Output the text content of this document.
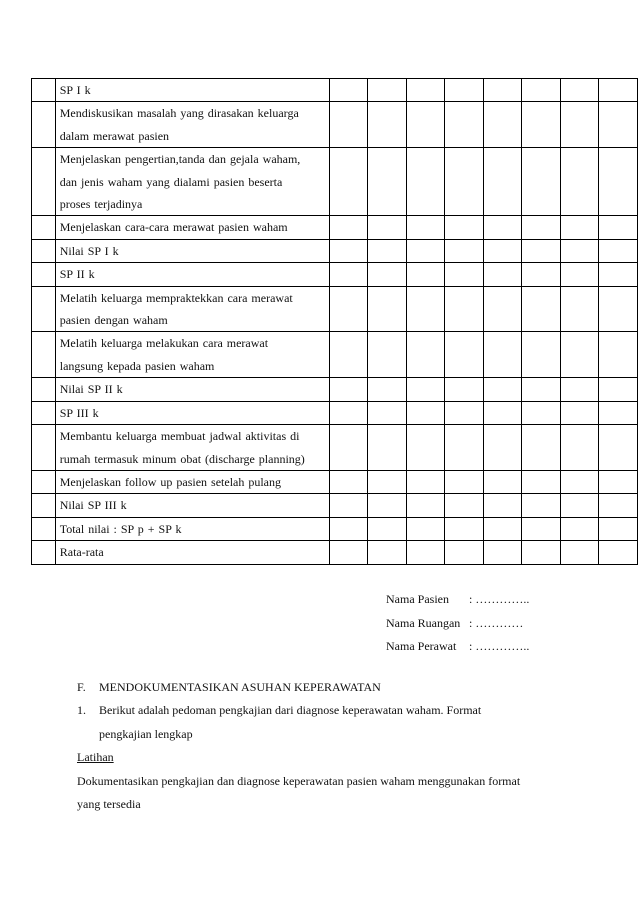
	SP I k								

	Mendiskusikan masalah yang dirasakan keluarga
dalam merawat pasien								

	Menjelaskan pengertian,tanda dan gejala waham,
dan jenis waham yang dialami pasien beserta
proses terjadinya								

	Menjelaskan cara-cara merawat pasien waham								

	Nilai SP I k								

	SP II k								

	Melatih keluarga mempraktekkan cara merawat
pasien dengan waham								

	Melatih keluarga melakukan cara merawat
langsung kepada pasien waham								

	Nilai SP II k								

	SP III k								

	Membantu keluarga membuat jadwal aktivitas di
rumah termasuk minum obat (discharge planning)								

	Menjelaskan follow up pasien setelah pulang								

	Nilai SP III k								

	Total nilai : SP p + SP k								

	Rata-rata								

Nama Pasien	: …………..
Nama Ruangan : …………
Nama Perawat	: …………..
F. MENDOKUMENTASIKAN ASUHAN KEPERAWATAN
1.	Berikut adalah pedoman pengkajian dari diagnose keperawatan waham. Format
pengkajian lengkap
Latihan
Dokumentasikan pengkajian dan diagnose keperawatan pasien waham menggunakan format
yang tersedia
